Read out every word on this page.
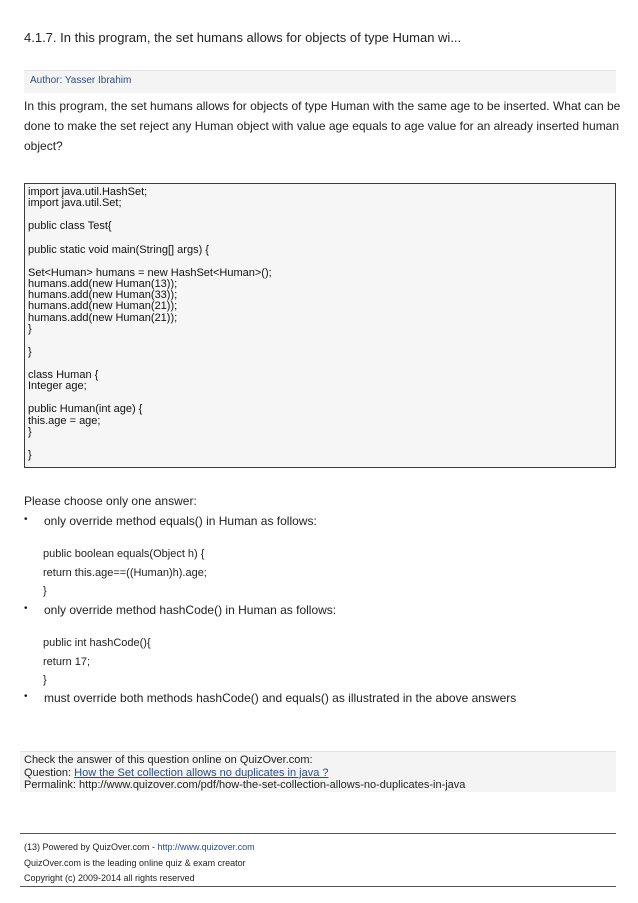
4.1.7. In this program, the set humans allows for objects of type Human wi...
Author: Yasser Ibrahim
In this program, the set humans allows for objects of type Human with the same age to be inserted. What can be done to make the set reject any Human object with value age equals to age value for an already inserted human object?
import java.util.HashSet;
import java.util.Set;
public class Test{
public static void main(String[] args) {
Set<Human> humans = new HashSet<Human>();
humans.add(new Human(13));
humans.add(new Human(33));
humans.add(new Human(21));
humans.add(new Human(21));
}
}
class Human {
Integer age;
public Human(int age) {
this.age = age;
}
}
Please choose only one answer:
• only override method equals() in Human as follows:
public boolean equals(Object h) {
return this.age==((Human)h).age;
}
• only override method hashCode() in Human as follows:
public int hashCode(){
return 17;
}
• must override both methods hashCode() and equals() as illustrated in the above answers
Check the answer of this question online on QuizOver.com:
Question: How the Set collection allows no duplicates in java ?
Permalink: http://www.quizover.com/pdf/how-the-set-collection-allows-no-duplicates-in-java
(13) Powered by QuizOver.com - http://www.quizover.com
QuizOver.com is the leading online quiz & exam creator
Copyright (c) 2009-2014 all rights reserved
